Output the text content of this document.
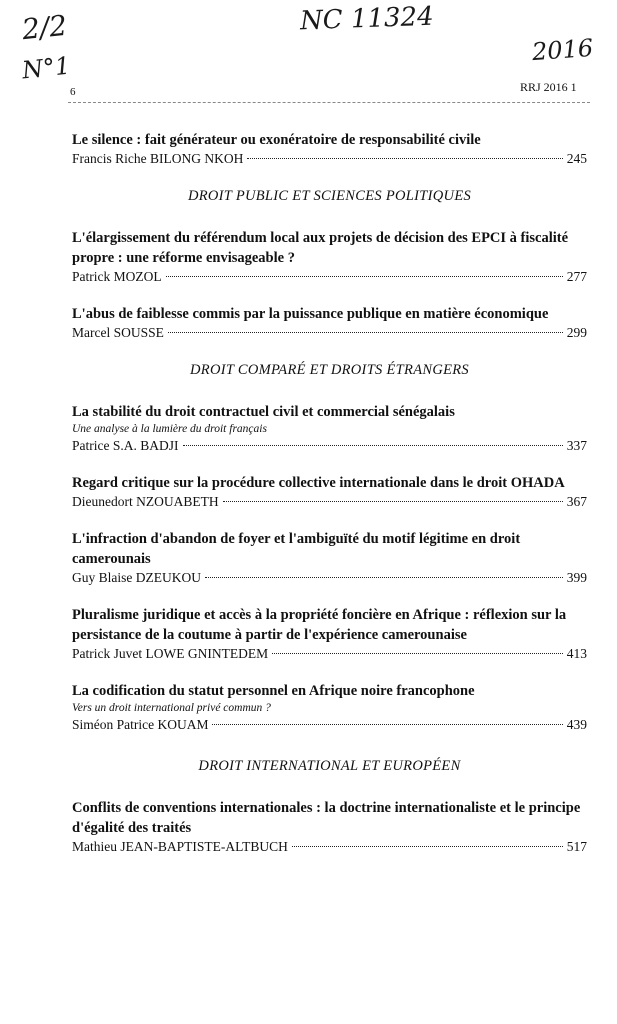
2/2
N°1
NC 11324
2016
6	RRJ 2016 1
Le silence : fait générateur ou exonératoire de responsabilité civile
Francis Riche BILONG NKOH	245
DROIT PUBLIC ET SCIENCES POLITIQUES
L'élargissement du référendum local aux projets de décision des EPCI à fiscalité propre : une réforme envisageable ?
Patrick MOZOL	277
L'abus de faiblesse commis par la puissance publique en matière économique
Marcel SOUSSE	299
DROIT COMPARÉ ET DROITS ÉTRANGERS
La stabilité du droit contractuel civil et commercial sénégalais
Une analyse à la lumière du droit français
Patrice S.A. BADJI	337
Regard critique sur la procédure collective internationale dans le droit OHADA
Dieunedort NZOUABETH	367
L'infraction d'abandon de foyer et l'ambiguïté du motif légitime en droit camerounais
Guy Blaise DZEUKOU	399
Pluralisme juridique et accès à la propriété foncière en Afrique : réflexion sur la persistance de la coutume à partir de l'expérience camerounaise
Patrick Juvet LOWE GNINTEDEM	413
La codification du statut personnel en Afrique noire francophone
Vers un droit international privé commun ?
Siméon Patrice KOUAM	439
DROIT INTERNATIONAL ET EUROPÉEN
Conflits de conventions internationales : la doctrine internationaliste et le principe d'égalité des traités
Mathieu JEAN-BAPTISTE-ALTBUCH	517
